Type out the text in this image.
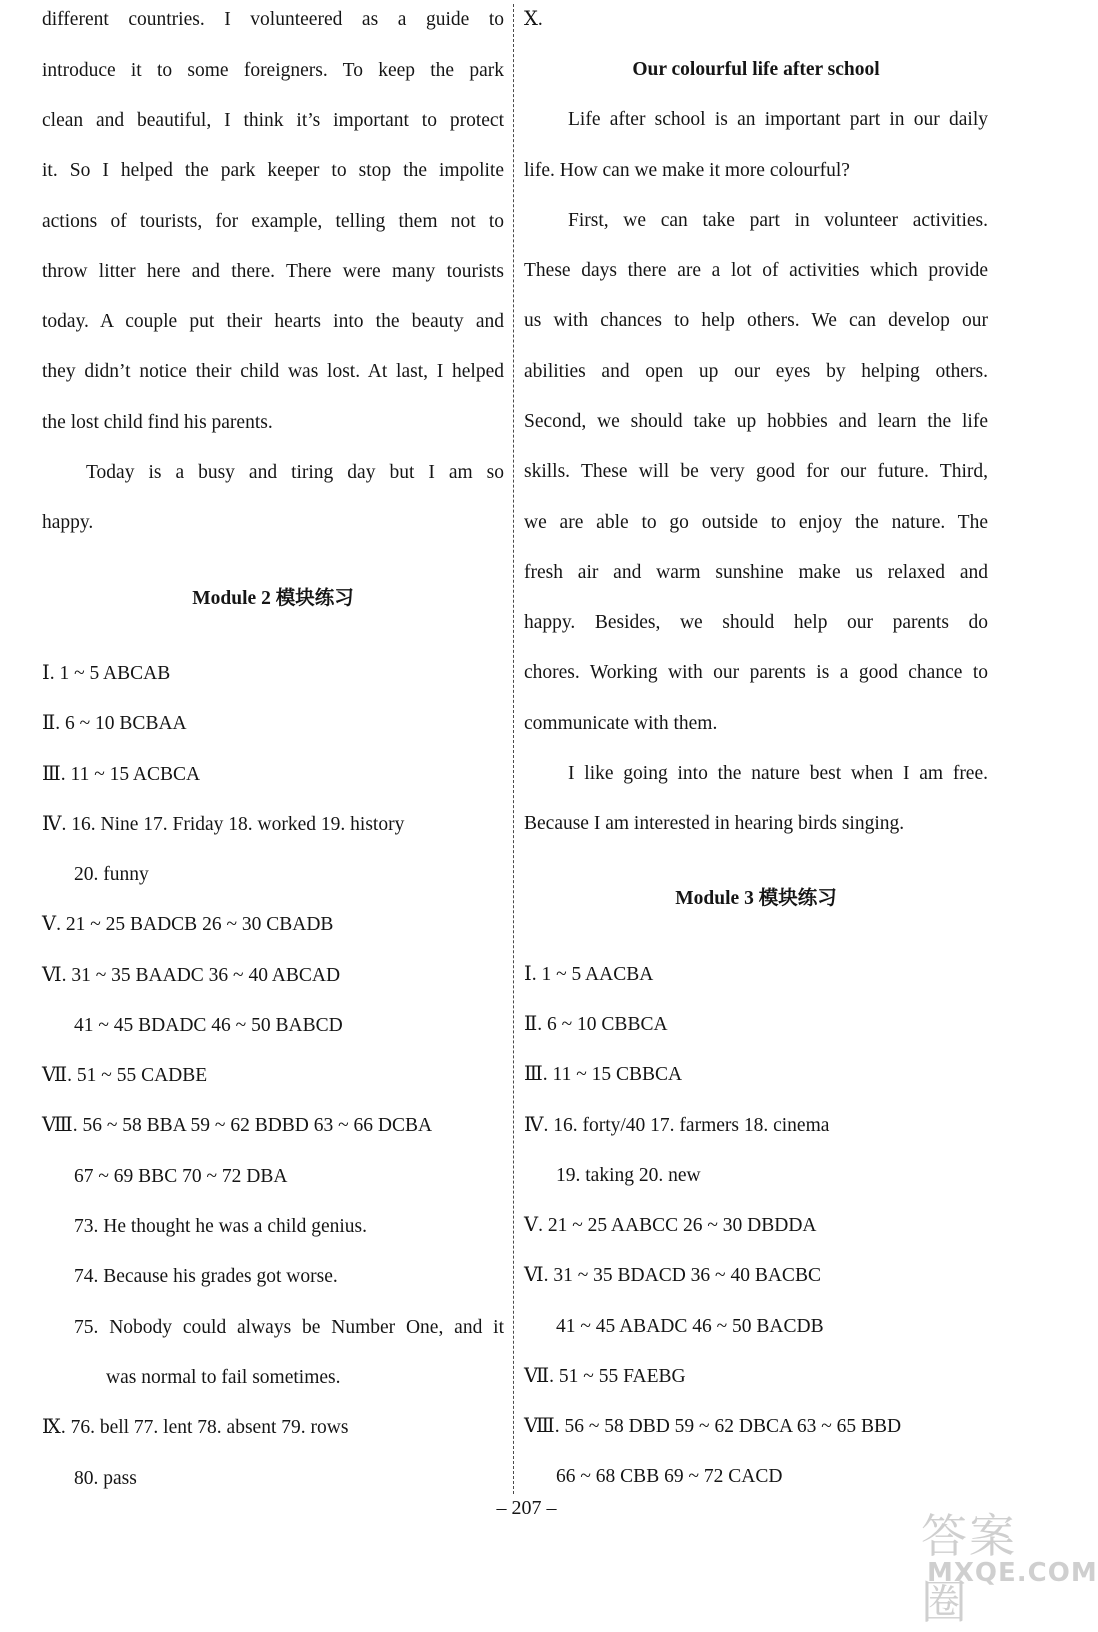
different countries. I volunteered as a guide to
introduce it to some foreigners. To keep the park
clean and beautiful, I think it’s important to protect
it. So I helped the park keeper to stop the impolite
actions of tourists, for example, telling them not to
throw litter here and there. There were many tourists
today. A couple put their hearts into the beauty and
they didn’t notice their child was lost. At last, I helped
the lost child find his parents.
Today is a busy and tiring day but I am so
happy.
Module 2 模块练习
Ⅰ. 1 ~ 5 ABCAB
Ⅱ. 6 ~ 10 BCBAA
Ⅲ. 11 ~ 15 ACBCA
Ⅳ. 16. Nine 17. Friday 18. worked 19. history
20. funny
Ⅴ. 21 ~ 25 BADCB 26 ~ 30 CBADB
Ⅵ. 31 ~ 35 BAADC 36 ~ 40 ABCAD
41 ~ 45 BDADC 46 ~ 50 BABCD
Ⅶ. 51 ~ 55 CADBE
Ⅷ. 56 ~ 58 BBA 59 ~ 62 BDBD 63 ~ 66 DCBA
67 ~ 69 BBC 70 ~ 72 DBA
73. He thought he was a child genius.
74. Because his grades got worse.
75. Nobody could always be Number One, and it
was normal to fail sometimes.
Ⅸ. 76. bell 77. lent 78. absent 79. rows
80. pass
Ⅹ.
Our colourful life after school
Life after school is an important part in our daily
life. How can we make it more colourful?
First, we can take part in volunteer activities.
These days there are a lot of activities which provide
us with chances to help others. We can develop our
abilities and open up our eyes by helping others.
Second, we should take up hobbies and learn the life
skills. These will be very good for our future. Third,
we are able to go outside to enjoy the nature. The
fresh air and warm sunshine make us relaxed and
happy. Besides, we should help our parents do
chores. Working with our parents is a good chance to
communicate with them.
I like going into the nature best when I am free.
Because I am interested in hearing birds singing.
Module 3 模块练习
Ⅰ. 1 ~ 5 AACBA
Ⅱ. 6 ~ 10 CBBCA
Ⅲ. 11 ~ 15 CBBCA
Ⅳ. 16. forty/40 17. farmers 18. cinema
19. taking 20. new
Ⅴ. 21 ~ 25 AABCC 26 ~ 30 DBDDA
Ⅵ. 31 ~ 35 BDACD 36 ~ 40 BACBC
41 ~ 45 ABADC 46 ~ 50 BACDB
Ⅶ. 51 ~ 55 FAEBG
Ⅷ. 56 ~ 58 DBD 59 ~ 62 DBCA 63 ~ 65 BBD
66 ~ 68 CBB 69 ~ 72 CACD
– 207 –
答案圈
MXQE.COM
